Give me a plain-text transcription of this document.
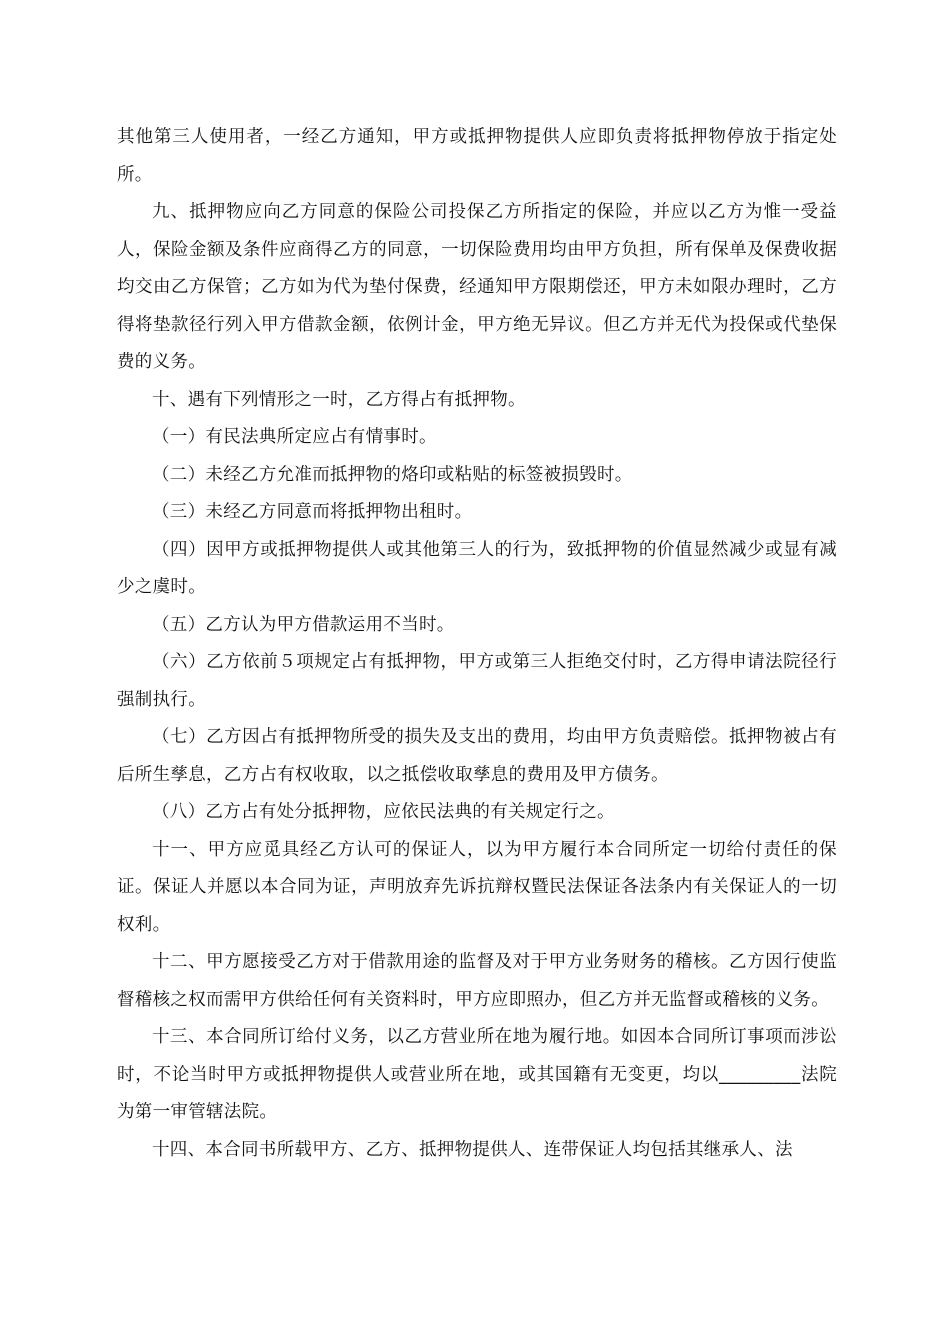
其他第三人使用者，一经乙方通知，甲方或抵押物提供人应即负责将抵押物停放于指定处所。

九、抵押物应向乙方同意的保险公司投保乙方所指定的保险，并应以乙方为惟一受益人，保险金额及条件应商得乙方的同意，一切保险费用均由甲方负担，所有保单及保费收据均交由乙方保管；乙方如为代为垫付保费，经通知甲方限期偿还，甲方未如限办理时，乙方得将垫款径行列入甲方借款金额，依例计金，甲方绝无异议。但乙方并无代为投保或代垫保费的义务。

十、遇有下列情形之一时，乙方得占有抵押物。

（一）有民法典所定应占有情事时。

（二）未经乙方允准而抵押物的烙印或粘贴的标签被损毁时。

（三）未经乙方同意而将抵押物出租时。

（四）因甲方或抵押物提供人或其他第三人的行为，致抵押物的价值显然减少或显有减少之虞时。

（五）乙方认为甲方借款运用不当时。

（六）乙方依前５项规定占有抵押物，甲方或第三人拒绝交付时，乙方得申请法院径行强制执行。

（七）乙方因占有抵押物所受的损失及支出的费用，均由甲方负责赔偿。抵押物被占有后所生孳息，乙方占有权收取，以之抵偿收取孳息的费用及甲方债务。

（八）乙方占有处分抵押物，应依民法典的有关规定行之。

十一、甲方应觅具经乙方认可的保证人，以为甲方履行本合同所定一切给付责任的保证。保证人并愿以本合同为证，声明放弃先诉抗辩权暨民法保证各法条内有关保证人的一切权利。

十二、甲方愿接受乙方对于借款用途的监督及对于甲方业务财务的稽核。乙方因行使监督稽核之权而需甲方供给任何有关资料时，甲方应即照办，但乙方并无监督或稽核的义务。

十三、本合同所订给付义务，以乙方营业所在地为履行地。如因本合同所订事项而涉讼时，不论当时甲方或抵押物提供人或营业所在地，或其国籍有无变更，均以_________法院为第一审管辖法院。

十四、本合同书所载甲方、乙方、抵押物提供人、连带保证人均包括其继承人、法
